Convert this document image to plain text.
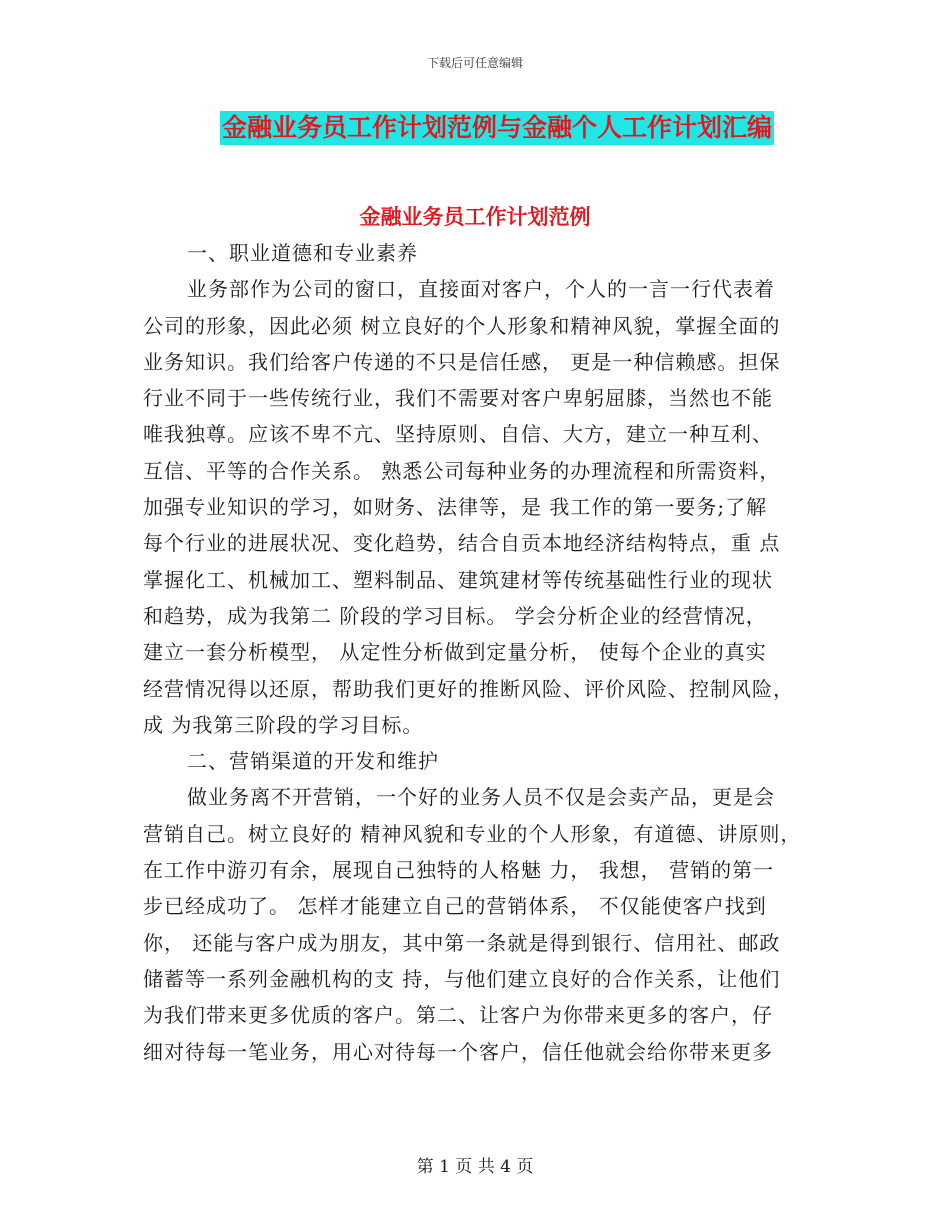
下载后可任意编辑
金融业务员工作计划范例与金融个人工作计划汇编
金融业务员工作计划范例
一、职业道德和专业素养
业务部作为公司的窗口，直接面对客户，个人的一言一行代表着
公司的形象，因此必须 树立良好的个人形象和精神风貌，掌握全面的
业务知识。我们给客户传递的不只是信任感， 更是一种信赖感。担保
行业不同于一些传统行业，我们不需要对客户卑躬屈膝，当然也不能
唯我独尊。应该不卑不亢、坚持原则、自信、大方，建立一种互利、
互信、平等的合作关系。 熟悉公司每种业务的办理流程和所需资料，
加强专业知识的学习，如财务、法律等，是 我工作的第一要务;了解
每个行业的进展状况、变化趋势，结合自贡本地经济结构特点，重 点
掌握化工、机械加工、塑料制品、建筑建材等传统基础性行业的现状
和趋势，成为我第二 阶段的学习目标。 学会分析企业的经营情况，
建立一套分析模型， 从定性分析做到定量分析， 使每个企业的真实
经营情况得以还原，帮助我们更好的推断风险、评价风险、控制风险，
成 为我第三阶段的学习目标。
二、营销渠道的开发和维护
做业务离不开营销，一个好的业务人员不仅是会卖产品，更是会
营销自己。树立良好的 精神风貌和专业的个人形象，有道德、讲原则，
在工作中游刃有余，展现自己独特的人格魅 力， 我想， 营销的第一
步已经成功了。 怎样才能建立自己的营销体系， 不仅能使客户找到
你， 还能与客户成为朋友，其中第一条就是得到银行、信用社、邮政
储蓄等一系列金融机构的支 持，与他们建立良好的合作关系，让他们
为我们带来更多优质的客户。第二、让客户为你带来更多的客户，仔
细对待每一笔业务，用心对待每一个客户，信任他就会给你带来更多
第 1 页 共 4 页
